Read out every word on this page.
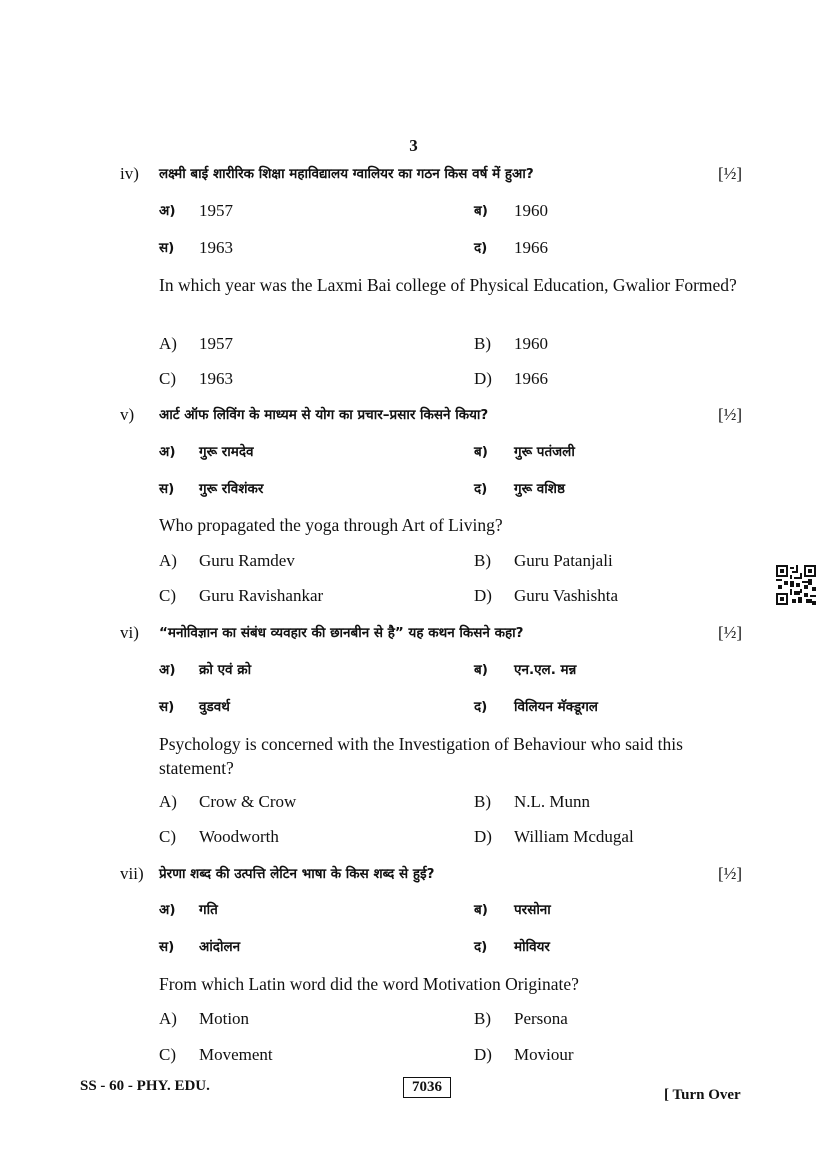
3
iv) लक्ष्मी बाई शारीरिक शिक्षा महाविद्यालय ग्वालियर का गठन किस वर्ष में हुआ?	[½]
अ) 1957	ब) 1960
स) 1963	द) 1966
In which year was the Laxmi Bai college of Physical Education, Gwalior Formed?
A) 1957	B) 1960
C) 1963	D) 1966
v) आर्ट ऑफ लिविंग के माध्यम से योग का प्रचार–प्रसार किसने किया?	[½]
अ) गुरू रामदेव	ब) गुरू पतंजली
स) गुरू रविशंकर	द) गुरू वशिष्ठ
Who propagated the yoga through Art of Living?
A) Guru Ramdev	B) Guru Patanjali
C) Guru Ravishankar	D) Guru Vashishta
vi) “मनोविज्ञान का संबंध व्यवहार की छानबीन से है” यह कथन किसने कहा?	[½]
अ) क्रो एवं क्रो	ब) एन.एल. मन्न
स) वुडवर्थ	द) विलियन मॅक्डूगल
Psychology is concerned with the Investigation of Behaviour who said this statement?
A) Crow & Crow	B) N.L. Munn
C) Woodworth	D) William Mcdugal
vii) प्रेरणा शब्द की उत्पत्ति लेटिन भाषा के किस शब्द से हुई?	[½]
अ) गति	ब) परसोना
स) आंदोलन	द) मोवियर
From which Latin word did the word Motivation Originate?
A) Motion	B) Persona
C) Movement	D) Moviour
SS - 60 - PHY. EDU.	7036	[ Turn Over
